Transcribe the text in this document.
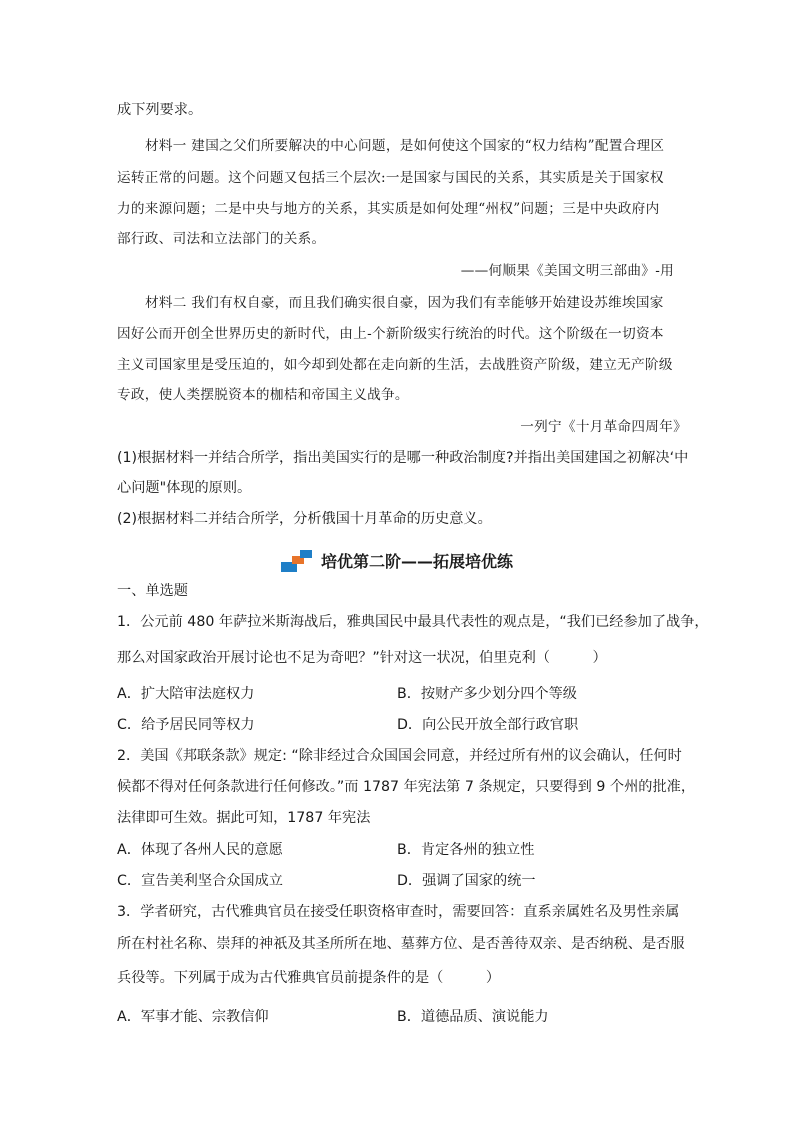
成下列要求。
材料一 建国之父们所要解决的中心问题，是如何使这个国家的“权力结构”配置合理区
运转正常的问题。这个问题又包括三个层次:一是国家与国民的关系，其实质是关于国家权
力的来源问题；二是中央与地方的关系，其实质是如何处理“州权”问题；三是中央政府内
部行政、司法和立法部门的关系。
——何顺果《美国文明三部曲》-用
材料二 我们有权自豪，而且我们确实很自豪，因为我们有幸能够开始建设苏维埃国家
因好公而开创全世界历史的新时代，由上-个新阶级实行统治的时代。这个阶级在一切资本
主义司国家里是受压迫的，如今却到处都在走向新的生活，去战胜资产阶级，建立无产阶级
专政，使人类摆脱资本的枷桔和帝国主义战争。
一列宁《十月革命四周年》
(1)根据材料一并结合所学，指出美国实行的是哪一种政治制度?并指出美国建国之初解决‘中
心问题"体现的原则。
(2)根据材料二并结合所学，分析俄国十月革命的历史意义。
培优第二阶——拓展培优练
一、单选题
1．公元前 480 年萨拉米斯海战后，雅典国民中最具代表性的观点是，“我们已经参加了战争，
那么对国家政治开展讨论也不足为奇吧？”针对这一状况，伯里克利（　　　）
A．扩大陪审法庭权力	B．按财产多少划分四个等级
C．给予居民同等权力	D．向公民开放全部行政官职
2．美国《邦联条款》规定: “除非经过合众国国会同意，并经过所有州的议会确认，任何时
候都不得对任何条款进行任何修改。”而 1787 年宪法第 7 条规定，只要得到 9 个州的批准，
法律即可生效。据此可知，1787 年宪法
A．体现了各州人民的意愿	B．肯定各州的独立性
C．宣告美利坚合众国成立	D．强调了国家的统一
3．学者研究，古代雅典官员在接受任职资格审查时，需要回答：直系亲属姓名及男性亲属
所在村社名称、崇拜的神祇及其圣所所在地、墓葬方位、是否善待双亲、是否纳税、是否服
兵役等。下列属于成为古代雅典官员前提条件的是（　　　）
A．军事才能、宗教信仰	B．道德品质、演说能力
